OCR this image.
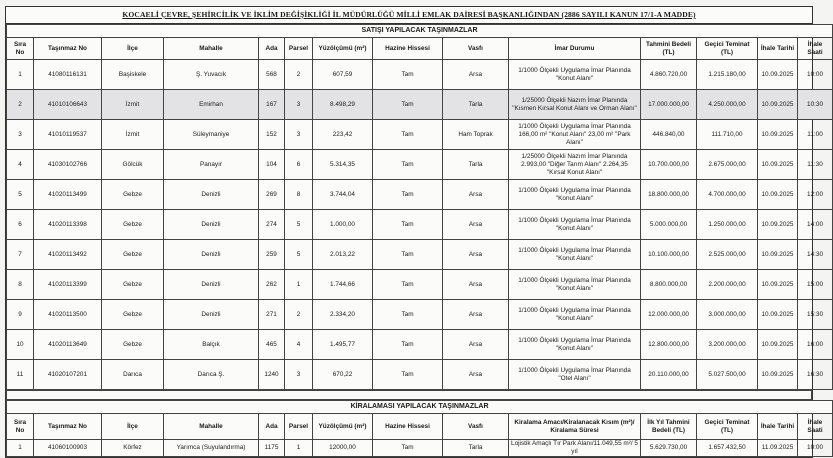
KOCAELİ ÇEVRE, ŞEHİRCİLİK VE İKLİM DEĞİŞİKLİĞİ İL MÜDÜRLÜĞÜ MİLLİ EMLAK DAİRESİ BAŞKANLIĞINDAN (2886 SAYILI KANUN 17/1-A MADDE)
SATIŞI YAPILACAK TAŞINMAZLAR													
Sıra No	Taşınmaz No	İlçe	Mahalle	Ada	Parsel	Yüzölçümü (m²)	Hazine Hissesi	Vasfı	İmar Durumu	Tahmini Bedeli (TL)	Geçici Teminat (TL)	İhale Tarihi	İhale Saati
1	41080116131	Başiskele	Ş. Yuvacık	568	2	607,59	Tam	Arsa	1/1000 Ölçekli Uygulama İmar Planında "Konut Alanı"	4.860.720,00	1.215.180,00	10.09.2025	10:00
2	41010106643	İzmit	Emirhan	167	3	8.498,29	Tam	Tarla	1/25000 Ölçekli Nazım İmar Planında "Kısmen Kırsal Konut Alanı ve Orman Alanı"	17.000.000,00	4.250.000,00	10.09.2025	10:30
3	41010119537	İzmit	Süleymaniye	152	3	223,42	Tam	Ham Toprak	1/1000 Ölçekli Uygulama İmar Planında 166,00 m² "Konut Alanı" 23,00 m² "Park Alanı"	446.840,00	111.710,00	10.09.2025	11:00
4	41030102766	Gölcük	Panayır	104	6	5.314,35	Tam	Tarla	1/25000 Ölçekli Nazım İmar Planında 2.993,00 "Diğer Tarım Alanı" 2.264,35 "Kırsal Konut Alanı"	10.700.000,00	2.675.000,00	10.09.2025	11:30
5	41020113499	Gebze	Denizli	269	8	3.744,04	Tam	Arsa	1/1000 Ölçekli Uygulama İmar Planında "Konut Alanı"	18.800.000,00	4.700.000,00	10.09.2025	12:00
6	41020113398	Gebze	Denizli	274	5	1.000,00	Tam	Arsa	1/1000 Ölçekli Uygulama İmar Planında "Konut Alanı"	5.000.000,00	1.250.000,00	10.09.2025	14:00
7	41020113492	Gebze	Denizli	259	5	2.013,22	Tam	Arsa	1/1000 Ölçekli Uygulama İmar Planında "Konut Alanı"	10.100.000,00	2.525.000,00	10.09.2025	14:30
8	41020113399	Gebze	Denizli	262	1	1.744,66	Tam	Arsa	1/1000 Ölçekli Uygulama İmar Planında "Konut Alanı"	8.800.000,00	2.200.000,00	10.09.2025	15:00
9	41020113500	Gebze	Denizli	271	2	2.334,20	Tam	Arsa	1/1000 Ölçekli Uygulama İmar Planında "Konut Alanı"	12.000.000,00	3.000.000,00	10.09.2025	15:30
10	41020113649	Gebze	Balçık	465	4	1.495,77	Tam	Arsa	1/1000 Ölçekli Uygulama İmar Planında "Konut Alanı"	12.800.000,00	3.200.000,00	10.09.2025	16:00
11	41020107201	Darıca	Darıca Ş.	1240	3	670,22	Tam	Arsa	1/1000 Ölçekli Uygulama İmar Planında "Otel Alanı"	20.110.000,00	5.027.500,00	10.09.2025	16:30
KİRALAMASI YAPILACAK TAŞINMAZLAR													
Sıra No	Taşınmaz No	İlçe	Mahalle	Ada	Parsel	Yüzölçümü (m²)	Hazine Hissesi	Vasfı	Kiralama Amacı/Kiralanacak Kısım (m²)/ Kiralama Süresi	İlk Yıl Tahmini Bedeli (TL)	Geçici Teminat (TL)	İhale Tarihi	İhale Saati
1	41060100903	Körfez	Yarımca (Suyulandırma)	1175	1	12000,00	Tam	Tarla	Lojistik Amaçlı Tır Park Alanı/11.049,55 m²/ 5 yıl	5.629.730,00	1.657.432,50	11.09.2025	10:00
